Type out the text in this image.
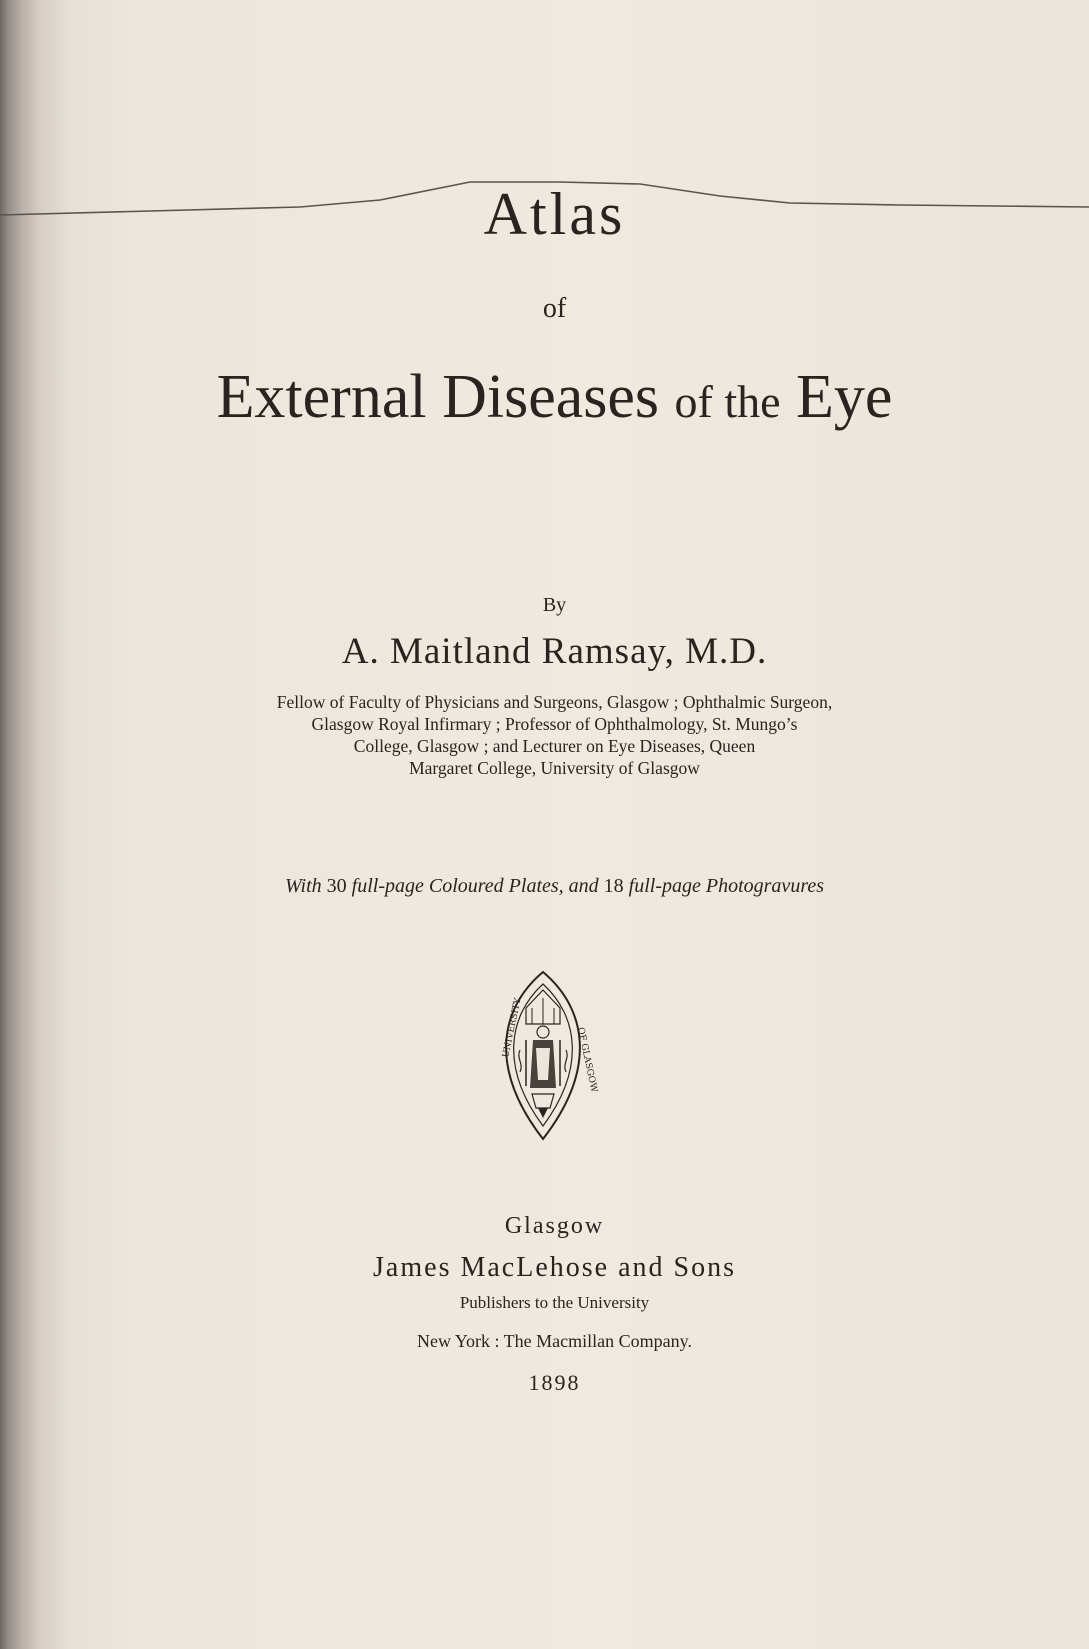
Atlas
of
External Diseases of the Eye
By
A. Maitland Ramsay, M.D.
Fellow of Faculty of Physicians and Surgeons, Glasgow ; Ophthalmic Surgeon,
Glasgow Royal Infirmary ; Professor of Ophthalmology, St. Mungo’s
College, Glasgow ; and Lecturer on Eye Diseases, Queen
Margaret College, University of Glasgow
With 30 full-page Coloured Plates, and 18 full-page Photogravures
UNIVERSITY	OF GLASGOW
Glasgow
James MacLehose and Sons
Publishers to the University
New York : The Macmillan Company.
1898
